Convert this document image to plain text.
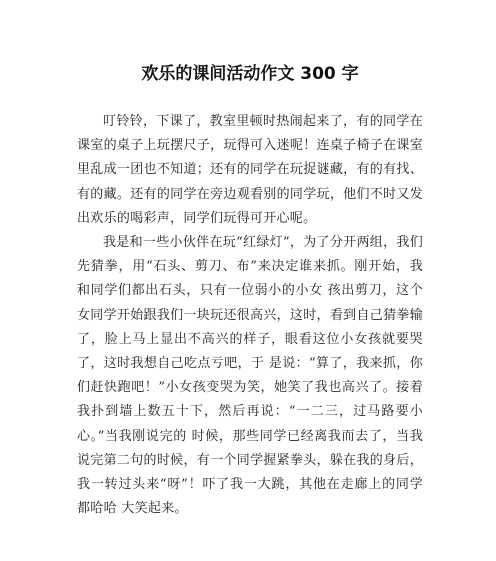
欢乐的课间活动作文 300 字

叮铃铃，下课了，教室里顿时热闹起来了，有的同学在课室的桌子上玩摆尺子，玩得可入迷呢！连桌子椅子在课室里乱成一团也不知道；还有的同学在玩捉谜藏，有的有找、有的藏。还有的同学在旁边观看别的同学玩，他们不时又发出欢乐的喝彩声，同学们玩得可开心呢。

我是和一些小伙伴在玩“红绿灯”，为了分开两组，我们先猜拳，用“石头、剪刀、布”来决定谁来抓。刚开始，我和同学们都出石头，只有一位弱小的小女 孩出剪刀，这个女同学开始跟我们一块玩还很高兴，这时，看到自己猜拳输了，脸上马上显出不高兴的样子，眼看这位小女孩就要哭了，这时我想自己吃点亏吧，于 是说：“算了，我来抓，你们赶快跑吧！”小女孩变哭为笑，她笑了我也高兴了。接着我扑到墙上数五十下，然后再说：“一二三，过马路要小心。”当我刚说完的 时候，那些同学已经离我而去了，当我说完第二句的时候，有一个同学握紧拳头，躲在我的身后，我一转过头来“呀”！吓了我一大跳，其他在走廊上的同学都哈哈 大笑起来。
